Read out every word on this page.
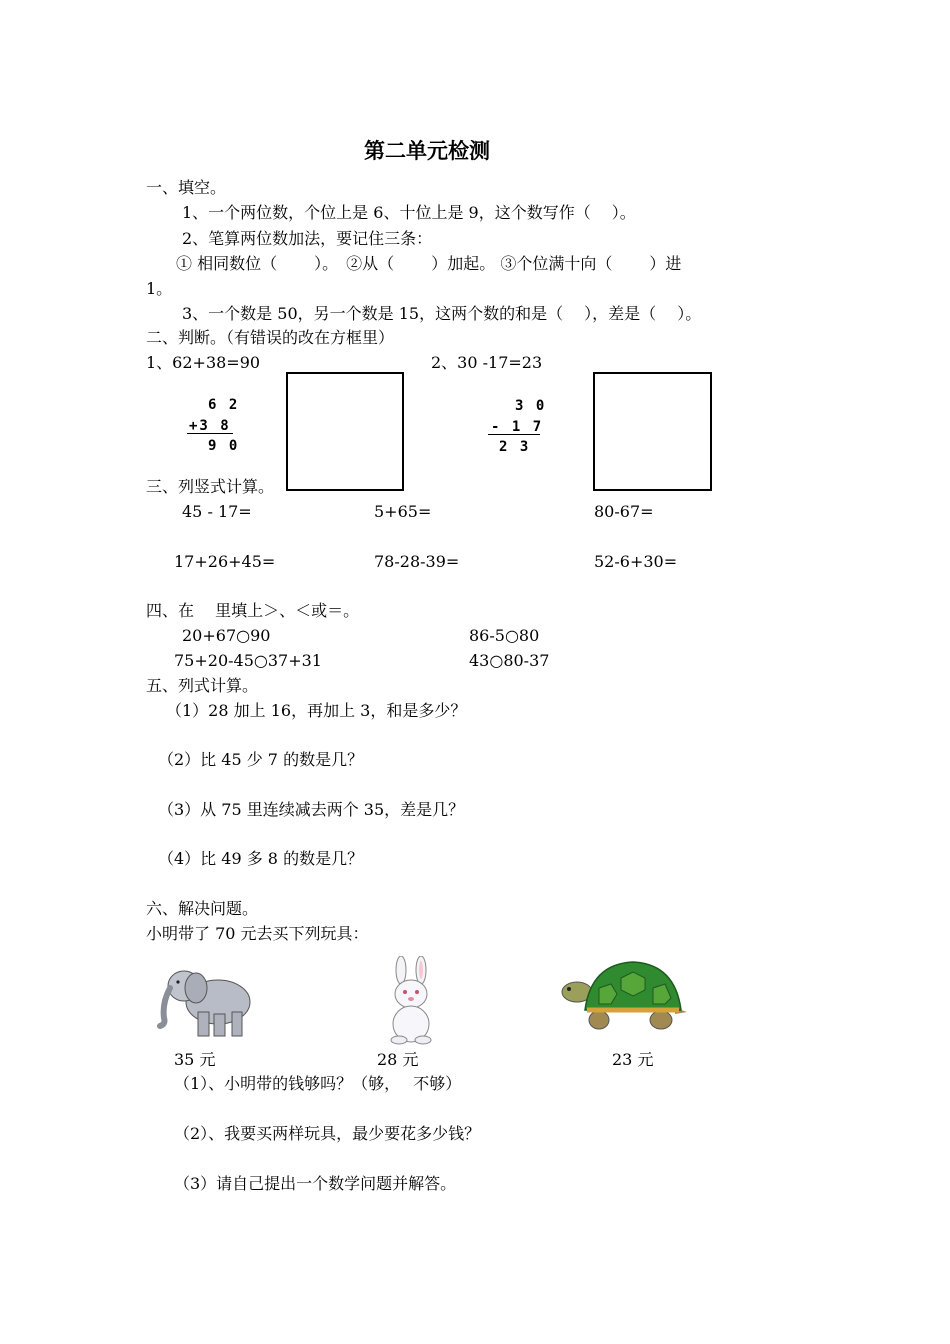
第二单元检测
一、填空。
1、一个两位数，个位上是 6、十位上是 9，这个数写作（　 ）。
2、笔算两位数加法，要记住三条：
① 相同数位（　　 ）。　②从（　　 ）加起。 ③个位满十向（　　 ）进
1。
3、一个数是 50，另一个数是 15，这两个数的和是（　 ），差是（　 ）。
二、判断。（有错误的改在方框里）
1、62+38=90	2、30 -17=23
6 2
+3 8
9 0
3 0
- 1 7
2 3
三、列竖式计算。
45 - 17=	5+65=	80-67=
17+26+45=	78-28-39=	52-6+30=
四、在　 里填上＞、＜或＝。
20+67○90	86-5○80
75+20-45○37+31	43○80-37
五、列式计算。
（1）28 加上 16，再加上 3，和是多少？
（2）比 45 少 7 的数是几？
（3）从 75 里连续减去两个 35，差是几？
（4）比 49 多 8 的数是几？
六、解决问题。
小明带了 70 元去买下列玩具：
35 元	28 元	23 元
（1）、小明带的钱够吗？（够，　 不够）
（2）、我要买两样玩具，最少要花多少钱？
（3）请自己提出一个数学问题并解答。
